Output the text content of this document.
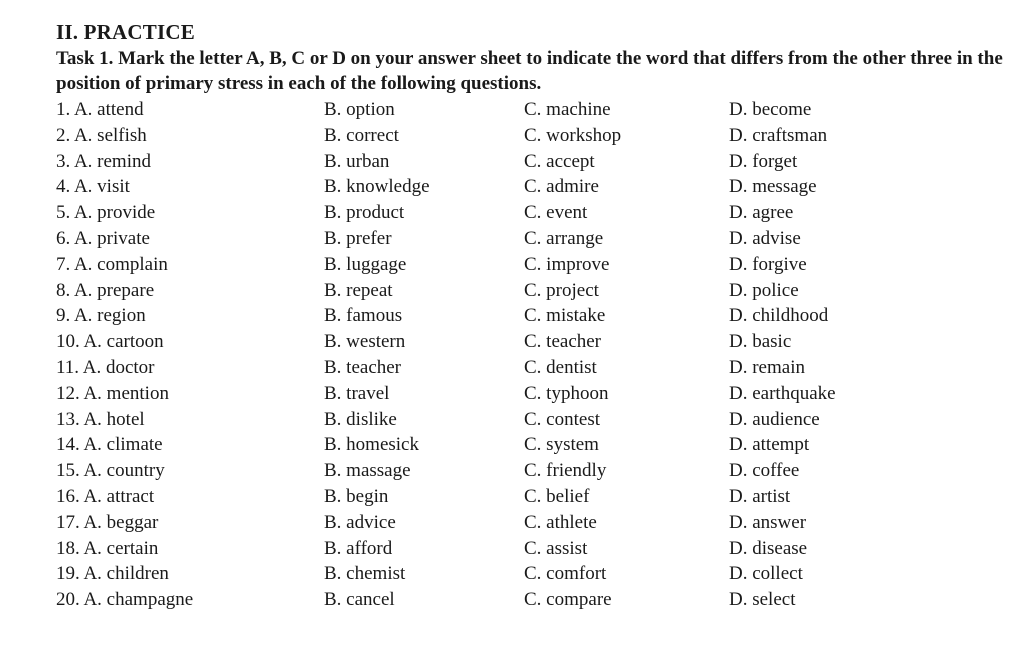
II. PRACTICE

Task 1. Mark the letter A, B, C or D on your answer sheet to indicate the word that differs from the other three in the position of primary stress in each of the following questions.

1. A. attend	B. option	C. machine	D. become
2. A. selfish	B. correct	C. workshop	D. craftsman
3. A. remind	B. urban	C. accept	D. forget
4. A. visit	B. knowledge	C. admire	D. message
5. A. provide	B. product	C. event	D. agree
6. A. private	B. prefer	C. arrange	D. advise
7. A. complain	B. luggage	C. improve	D. forgive
8. A. prepare	B. repeat	C. project	D. police
9. A. region	B. famous	C. mistake	D. childhood
10. A. cartoon	B. western	C. teacher	D. basic
11. A. doctor	B. teacher	C. dentist	D. remain
12. A. mention	B. travel	C. typhoon	D. earthquake
13. A. hotel	B. dislike	C. contest	D. audience
14. A. climate	B. homesick	C. system	D. attempt
15. A. country	B. massage	C. friendly	D. coffee
16. A. attract	B. begin	C. belief	D. artist
17. A. beggar	B. advice	C. athlete	D. answer
18. A. certain	B. afford	C. assist	D. disease
19. A. children	B. chemist	C. comfort	D. collect
20. A. champagne	B. cancel	C. compare	D. select
